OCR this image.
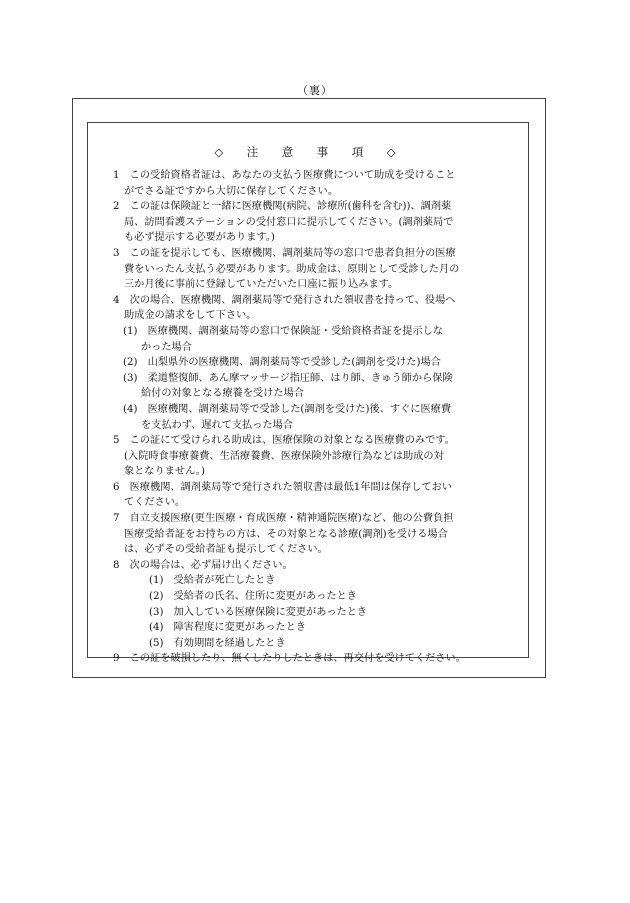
（裏）
◇　注　意　事　項　◇
1　この受給資格者証は、あなたの支払う医療費について助成を受けること
がでさる証ですから大切に保存してください。
2　この証は保険証と一緒に医療機関(病院、診療所(歯科を含む))、調剤薬
局、訪問看護ステーションの受付窓口に提示してください。(調剤薬局で
も必ず提示する必要があります。)
3　この証を提示しても、医療機関、調剤薬局等の窓口で患者負担分の医療
費をいったん支払う必要があります。助成金は、原則として受診した月の
三か月後に事前に登録していただいた口座に振り込みます。
4　次の場合、医療機関、調剤薬局等で発行された領収書を持って、役場へ
助成金の請求をして下さい。
(1)　医療機関、調剤薬局等の窓口で保険証・受給資格者証を提示しな
かった場合
(2)　山梨県外の医療機関、調剤薬局等で受診した(調剤を受けた)場合
(3)　柔道整復師、あん摩マッサージ指圧師、はり師、きゅう師から保険
給付の対象となる療養を受けた場合
(4)　医療機関、調剤薬局等で受診した(調剤を受けた)後、すぐに医療費
を支払わず、遅れて支払った場合
5　この証にて受けられる助成は、医療保険の対象となる医療費のみです。
(入院時食事療養費、生活療養費、医療保険外診療行為などは助成の対
象となりません。)
6　医療機関、調剤薬局等で発行された領収書は最低1年間は保存しておい
てください。
7　自立支援医療(更生医療・育成医療・精神通院医療)など、他の公費負担
医療受給者証をお持ちの方は、その対象となる診療(調剤)を受ける場合
は、必ずその受給者証も提示してください。
8　次の場合は、必ず届け出ください。
(1)　受給者が死亡したとき
(2)　受給者の氏名、住所に変更があったとき
(3)　加入している医療保険に変更があったとき
(4)　障害程度に変更があったとき
(5)　有効期間を経過したとき
9　この証を破損したり、無くしたりしたときは、再交付を受けてください。
